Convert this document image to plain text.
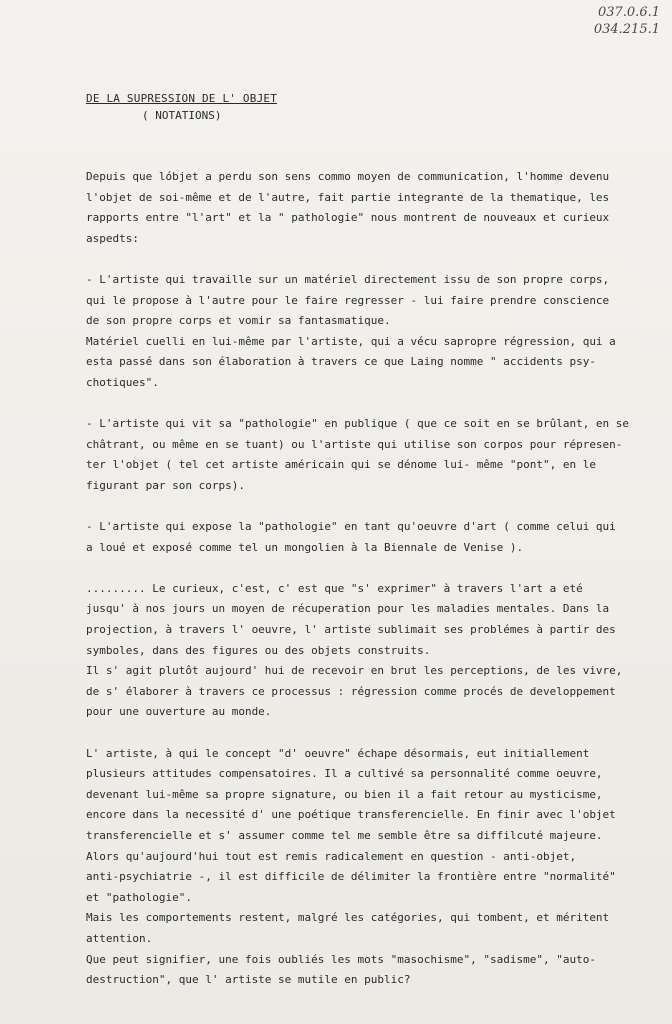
037.0.6.1
034.215.1
DE LA SUPRESSION DE L' OBJET
( NOTATIONS)

Depuis que lóbjet a perdu son sens commo moyen de communication, l'homme devenu
l'objet de soi-même et de l'autre, fait partie integrante de la thematique, les
rapports entre "l'art" et la " pathologie" nous montrent de nouveaux et curieux
aspedts:

- L'artiste qui travaille sur un matériel directement issu de son propre corps,
qui le propose à l'autre pour le faire regresser - lui faire prendre conscience
de son propre corps et vomir sa fantasmatique.
Matériel cuelli en lui-même par l'artiste, qui a vécu sapropre régression, qui a
esta passé dans son élaboration à travers ce que Laing nomme " accidents psy-
chotiques".

- L'artiste qui vit sa "pathologie" en publique ( que ce soit en se brûlant, en se
châtrant, ou même en se tuant) ou l'artiste qui utilise son corpos pour répresen-
ter l'objet ( tel cet artiste américain qui se dénome lui- même "pont", en le
figurant par son corps).

- L'artiste qui expose la "pathologie" en tant qu'oeuvre d'art ( comme celui qui
a loué et exposé comme tel un mongolien à la Biennale de Venise ).

......... Le curieux, c'est, c' est que "s' exprimer" à travers l'art a eté
jusqu' à nos jours un moyen de récuperation pour les maladies mentales. Dans la
projection, à travers l' oeuvre, l' artiste sublimait ses problémes à partir des
symboles, dans des figures ou des objets construits.
Il s' agit plutôt aujourd' hui de recevoir en brut les perceptions, de les vivre,
de s' élaborer à travers ce processus : régression comme procés de developpement
pour une ouverture au monde.

L' artiste, à qui le concept "d' oeuvre" échape désormais, eut initiallement
plusieurs attitudes compensatoires. Il a cultivé sa personnalité comme oeuvre,
devenant lui-même sa propre signature, ou bien il a fait retour au mysticisme,
encore dans la necessité d' une poétique transferencielle. En finir avec l'objet
transferencielle et s' assumer comme tel me semble être sa diffilcuté majeure.
Alors qu'aujourd'hui tout est remis radicalement en question - anti-objet,
anti-psychiatrie -, il est difficile de délimiter la frontière entre "normalité"
et "pathologie".
Mais les comportements restent, malgré les catégories, qui tombent, et méritent
attention.
Que peut signifier, une fois oubliés les mots "masochisme", "sadisme", "auto-
destruction", que l' artiste se mutile en public?
